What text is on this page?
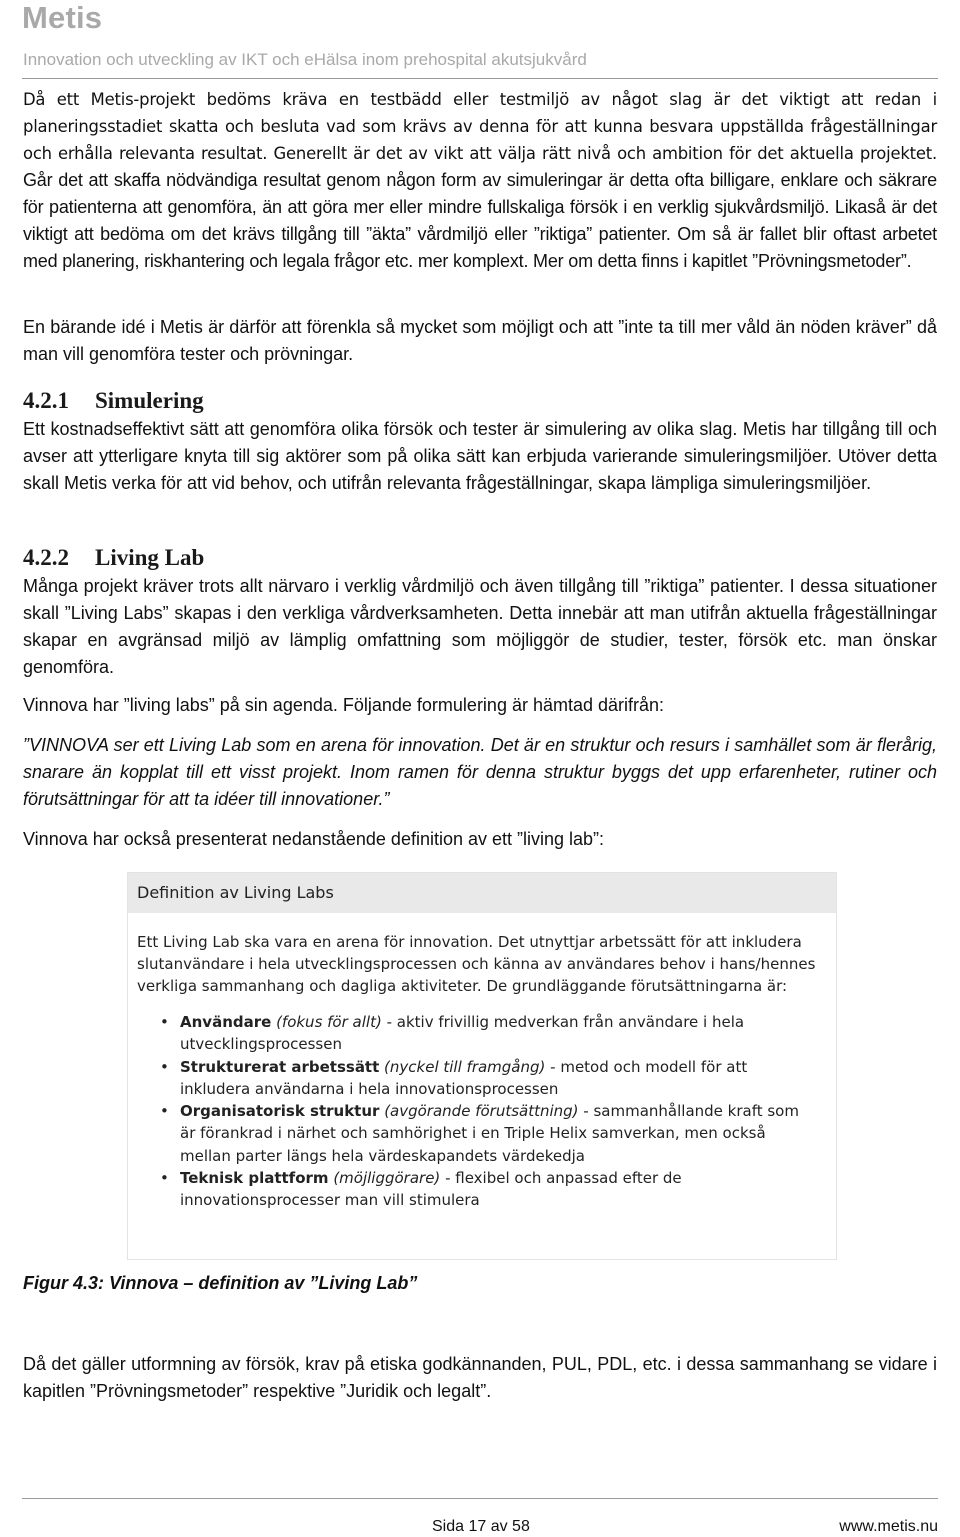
Metis
Innovation och utveckling av IKT och eHälsa inom prehospital akutsjukvård

Då ett Metis-projekt bedöms kräva en testbädd eller testmiljö av något slag är det viktigt att redan i planeringsstadiet skatta och besluta vad som krävs av denna för att kunna besvara uppställda frågeställningar och erhålla relevanta resultat. Generellt är det av vikt att välja rätt nivå och ambition för det aktuella projektet. Går det att skaffa nödvändiga resultat genom någon form av simuleringar är detta ofta billigare, enklare och säkrare för patienterna att genomföra, än att göra mer eller mindre fullskaliga försök i en verklig sjukvårdsmiljö. Likaså är det viktigt att bedöma om det krävs tillgång till ”äkta” vårdmiljö eller ”riktiga” patienter. Om så är fallet blir oftast arbetet med planering, riskhantering och legala frågor etc. mer komplext. Mer om detta finns i kapitlet ”Prövningsmetoder”.

En bärande idé i Metis är därför att förenkla så mycket som möjligt och att ”inte ta till mer våld än nöden kräver” då man vill genomföra tester och prövningar.

4.2.1 Simulering

Ett kostnadseffektivt sätt att genomföra olika försök och tester är simulering av olika slag. Metis har tillgång till och avser att ytterligare knyta till sig aktörer som på olika sätt kan erbjuda varierande simuleringsmiljöer. Utöver detta skall Metis verka för att vid behov, och utifrån relevanta frågeställningar, skapa lämpliga simuleringsmiljöer.

4.2.2 Living Lab

Många projekt kräver trots allt närvaro i verklig vårdmiljö och även tillgång till ”riktiga” patienter. I dessa situationer skall ”Living Labs” skapas i den verkliga vårdverksamheten. Detta innebär att man utifrån aktuella frågeställningar skapar en avgränsad miljö av lämplig omfattning som möjliggör de studier, tester, försök etc. man önskar genomföra.

Vinnova har ”living labs” på sin agenda. Följande formulering är hämtad därifrån:

”VINNOVA ser ett Living Lab som en arena för innovation. Det är en struktur och resurs i samhället som är flerårig, snarare än kopplat till ett visst projekt. Inom ramen för denna struktur byggs det upp erfarenheter, rutiner och förutsättningar för att ta idéer till innovationer.”

Vinnova har också presenterat nedanstående definition av ett ”living lab”:

Definition av Living Labs
Ett Living Lab ska vara en arena för innovation. Det utnyttjar arbetssätt för att inkludera slutanvändare i hela utvecklingsprocessen och känna av användares behov i hans/hennes verkliga sammanhang och dagliga aktiviteter. De grundläggande förutsättningarna är:
• Användare (fokus för allt) - aktiv frivillig medverkan från användare i hela utvecklingsprocessen
• Strukturerat arbetssätt (nyckel till framgång) - metod och modell för att inkludera användarna i hela innovationsprocessen
• Organisatorisk struktur (avgörande förutsättning) - sammanhållande kraft som är förankrad i närhet och samhörighet i en Triple Helix samverkan, men också mellan parter längs hela värdeskapandets värdekedja
• Teknisk plattform (möjliggörare) - flexibel och anpassad efter de innovationsprocesser man vill stimulera

Figur 4.3: Vinnova – definition av ”Living Lab”

Då det gäller utformning av försök, krav på etiska godkännanden, PUL, PDL, etc. i dessa sammanhang se vidare i kapitlen ”Prövningsmetoder” respektive ”Juridik och legalt”.

Sida 17 av 58	www.metis.nu
